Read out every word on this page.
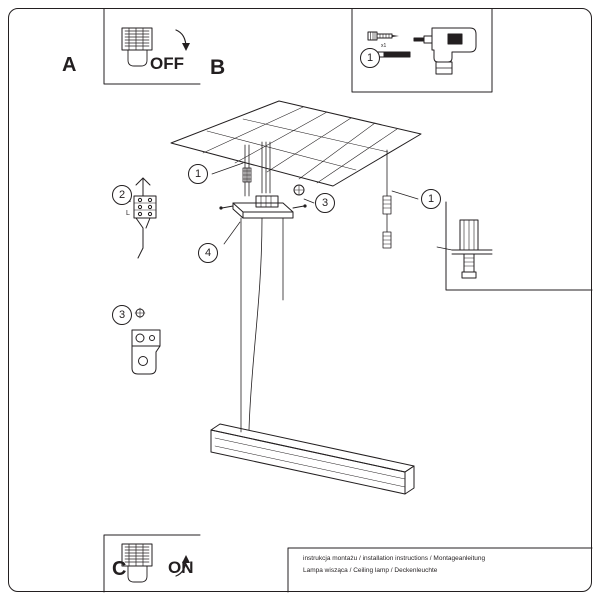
A	OFF B
C ON
x1
L
1
2
3
1
1
3
4
instrukcja montażu / installation instructions / Montageanleitung
Lampa wisząca / Ceiling lamp / Deckenleuchte
